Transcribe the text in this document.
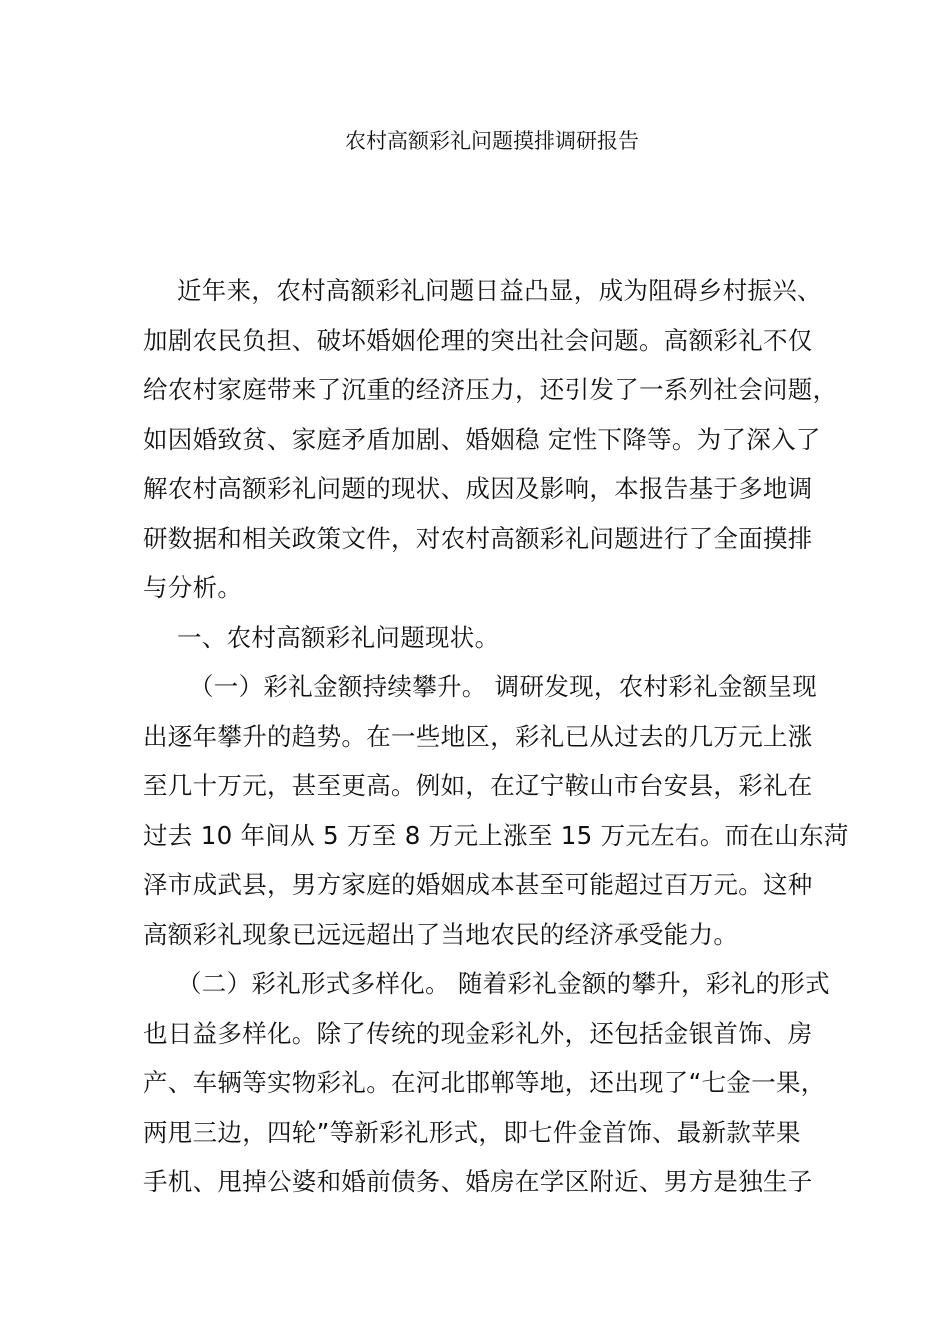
农村高额彩礼问题摸排调研报告
近年来，农村高额彩礼问题日益凸显，成为阻碍乡村振兴、
加剧农民负担、破坏婚姻伦理的突出社会问题。高额彩礼不仅
给农村家庭带来了沉重的经济压力，还引发了一系列社会问题，
如因婚致贫、家庭矛盾加剧、婚姻稳 定性下降等。为了深入了
解农村高额彩礼问题的现状、成因及影响，本报告基于多地调
研数据和相关政策文件，对农村高额彩礼问题进行了全面摸排
与分析。
一、农村高额彩礼问题现状。
（一）彩礼金额持续攀升。 调研发现，农村彩礼金额呈现
出逐年攀升的趋势。在一些地区，彩礼已从过去的几万元上涨
至几十万元，甚至更高。例如，在辽宁鞍山市台安县，彩礼在
过去 10 年间从 5 万至 8 万元上涨至 15 万元左右。而在山东菏
泽市成武县，男方家庭的婚姻成本甚至可能超过百万元。这种
高额彩礼现象已远远超出了当地农民的经济承受能力。
（二）彩礼形式多样化。 随着彩礼金额的攀升，彩礼的形式
也日益多样化。除了传统的现金彩礼外，还包括金银首饰、房
产、车辆等实物彩礼。在河北邯郸等地，还出现了“七金一果，
两甩三边，四轮”等新彩礼形式，即七件金首饰、最新款苹果
手机、甩掉公婆和婚前债务、婚房在学区附近、男方是独生子
